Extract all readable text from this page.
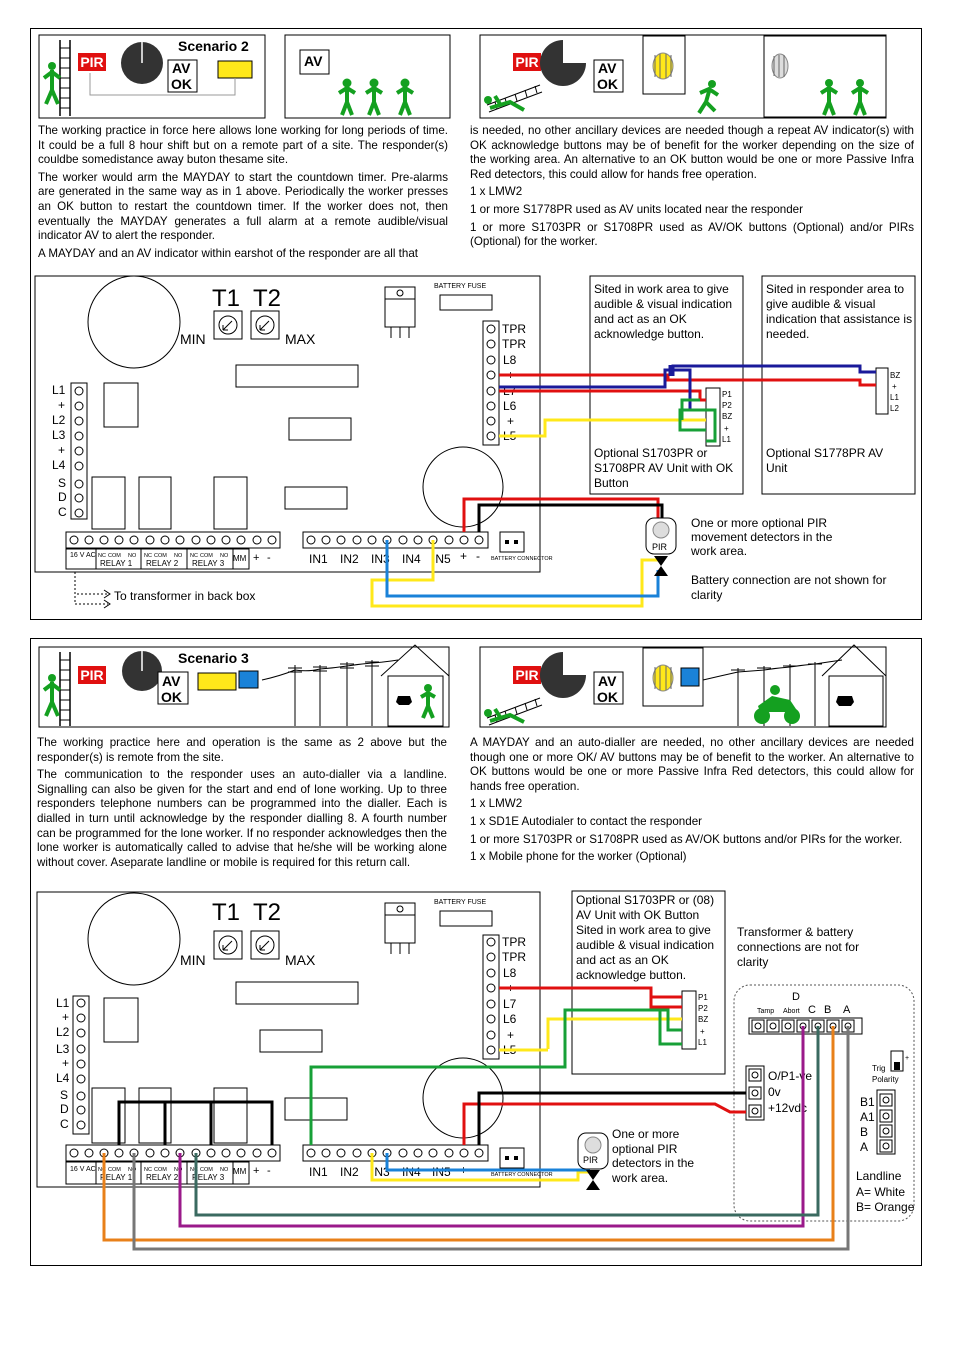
PIR
Scenario 2
AV
OK
AV	PIR	AV
OK

The working practice in force here allows lone working for long periods of time. It could be a full 8 hour shift but on a remote part of a site. The responder(s) couldbe somedistance away buton thesame site.

The worker would arm the MAYDAY to start the countdown timer. Pre-alarms are generated in the same way as in 1 above. Periodically the worker presses an OK button to restart the countdown timer. If the worker does not, then eventually the MAYDAY generates a full alarm at a remote audible/visual indicator AV to alert the responder.

A MAYDAY and an AV indicator within earshot of the responder are all that

is needed, no other ancillary devices are needed though a repeat AV indicator(s) with OK acknowledge buttons may be of benefit for the worker depending on the size of the working area. An alternative to an OK button would be one or more Passive Infra Red detectors, this could allow for hands free operation.

1 x LMW2

1 or more S1778PR used as AV units located near the responder

1 or more S1703PR or S1708PR used as AV/OK buttons (Optional) and/or PIRs (Optional) for the worker.

T1 T2
MIN	MAX
BATTERY FUSE
L1
+
L2
L3
+
L4
S
D
C
TPR
TPR
L8
+
L7
L6
+
L5
16 V AC
RELAY 1 RELAY 2 RELAY 3
MM + -
NC COM NO NC COM NO NC COM NO	IN1 IN2 IN3 IN4 IN5 + - BATTERY CONNECTOR
To transformer in back box
P1
P2
BZ
+
L1
BZ
+
L1
L2
PIR
Sited in work area to give audible & visual indication and act as an OK acknowledge button.
Optional S1703PR or S1708PR AV Unit with OK Button
Sited in responder area to give audible & visual indication that assistance is needed.
Optional S1778PR AV Unit
One or more optional PIR movement detectors in the work area.
Battery connection are not shown for clarity
PIR
Scenario 3
AV
OK
PIR	AV
OK

The working practice here and operation is the same as 2 above but the responder(s) is remote from the site.

The communication to the responder uses an auto-dialler via a landline. Signalling can also be given for the start and end of lone working. Up to three responders telephone numbers can be programmed into the dialler. Each is dialled in turn until acknowledge by the responder dialling 8. A fourth number can be programmed for the lone worker. If no responder acknowledges then the lone worker is automatically called to advise that he/she will be working alone without cover. Aseparate landline or mobile is required for this return call.

A MAYDAY and an auto-dialler are needed, no other ancillary devices are needed though one or more OK/ AV buttons may be of benefit to the worker. An alternative to OK buttons would be one or more Passive Infra Red detectors, this could allow for hands free operation.

1 x LMW2

1 x SD1E Autodialer to contact the responder

1 or more S1703PR or S1708PR used as AV/OK buttons and/or PIRs for the worker.

1 x Mobile phone for the worker (Optional)

T1 T2
MIN	MAX
BATTERY FUSE
L1
+
L2
L3
+
L4
S
D
C
TPR
TPR
L8
+
L7
L6
+
L5
16 V AC
RELAY 1 RELAY 2 RELAY 3
MM + -
NC COM NO NC COM NO NC COM NO	IN1 IN2 IN3 IN4 IN5 + - BATTERY CONNECTOR
P1
P2
BZ
+
L1
D
C B A
Tamp Abort
O/P1-ve
0v
+12vdc
+
Trig
Polarity
B1
A1
B
A
Landline
A= White
B= Orange
PIR
Optional S1703PR or (08) AV Unit with OK Button Sited in work area to give audible & visual indication and act as an OK acknowledge button.
Transformer & battery connections are not for clarity
One or more optional PIR detectors in the work area.
